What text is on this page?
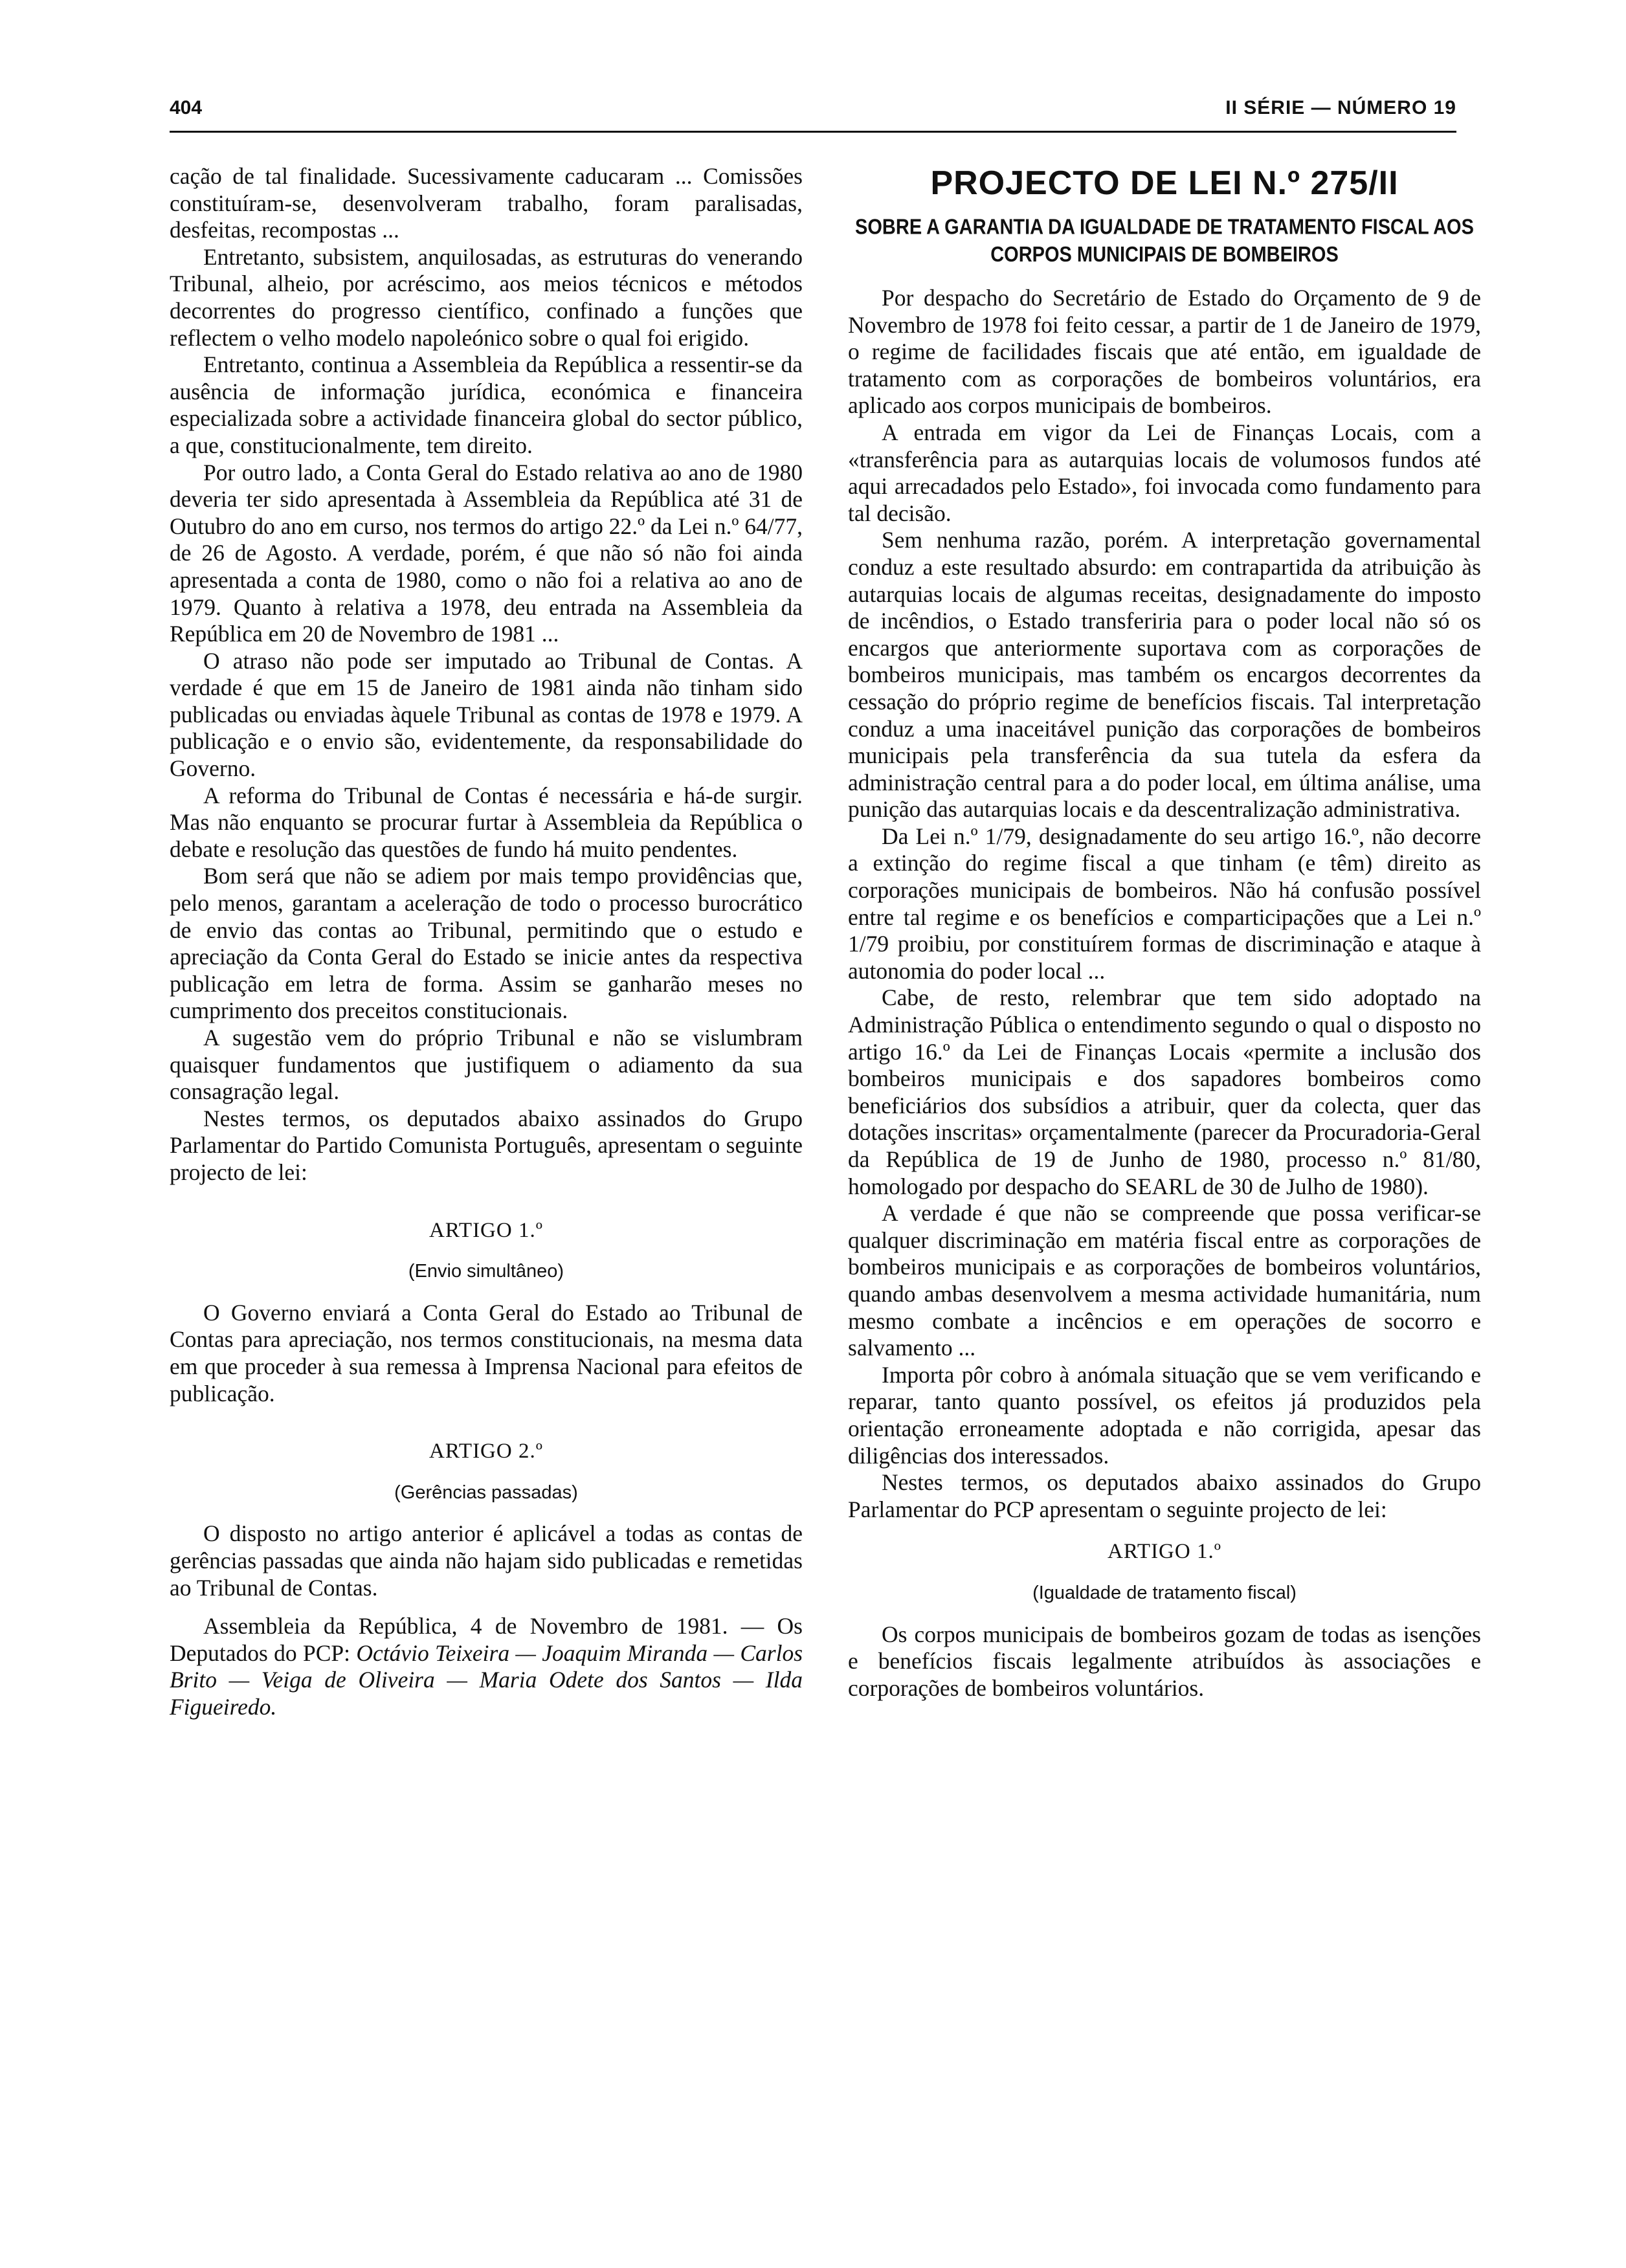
404	II SÉRIE — NÚMERO 19

cação de tal finalidade. Sucessivamente caducaram ... Comissões constituíram-se, desenvolveram trabalho, foram paralisadas, desfeitas, recompostas ...

Entretanto, subsistem, anquilosadas, as estruturas do venerando Tribunal, alheio, por acréscimo, aos meios técnicos e métodos decorrentes do progresso científico, confinado a funções que reflectem o velho modelo napoleónico sobre o qual foi erigido.

Entretanto, continua a Assembleia da República a ressentir-se da ausência de informação jurídica, económica e financeira especializada sobre a actividade financeira global do sector público, a que, constitucionalmente, tem direito.

Por outro lado, a Conta Geral do Estado relativa ao ano de 1980 deveria ter sido apresentada à Assembleia da República até 31 de Outubro do ano em curso, nos termos do artigo 22.º da Lei n.º 64/77, de 26 de Agosto. A verdade, porém, é que não só não foi ainda apresentada a conta de 1980, como o não foi a relativa ao ano de 1979. Quanto à relativa a 1978, deu entrada na Assembleia da República em 20 de Novembro de 1981 ...

O atraso não pode ser imputado ao Tribunal de Contas. A verdade é que em 15 de Janeiro de 1981 ainda não tinham sido publicadas ou enviadas àquele Tribunal as contas de 1978 e 1979. A publicação e o envio são, evidentemente, da responsabilidade do Governo.

A reforma do Tribunal de Contas é necessária e há-de surgir. Mas não enquanto se procurar furtar à Assembleia da República o debate e resolução das questões de fundo há muito pendentes.

Bom será que não se adiem por mais tempo providências que, pelo menos, garantam a aceleração de todo o processo burocrático de envio das contas ao Tribunal, permitindo que o estudo e apreciação da Conta Geral do Estado se inicie antes da respectiva publicação em letra de forma. Assim se ganharão meses no cumprimento dos preceitos constitucionais.

A sugestão vem do próprio Tribunal e não se vislumbram quaisquer fundamentos que justifiquem o adiamento da sua consagração legal.

Nestes termos, os deputados abaixo assinados do Grupo Parlamentar do Partido Comunista Português, apresentam o seguinte projecto de lei:

ARTIGO 1.º
(Envio simultâneo)

O Governo enviará a Conta Geral do Estado ao Tribunal de Contas para apreciação, nos termos constitucionais, na mesma data em que proceder à sua remessa à Imprensa Nacional para efeitos de publicação.

ARTIGO 2.º
(Gerências passadas)

O disposto no artigo anterior é aplicável a todas as contas de gerências passadas que ainda não hajam sido publicadas e remetidas ao Tribunal de Contas.

Assembleia da República, 4 de Novembro de 1981. — Os Deputados do PCP: Octávio Teixeira — Joaquim Miranda — Carlos Brito — Veiga de Oliveira — Maria Odete dos Santos — Ilda Figueiredo.

PROJECTO DE LEI N.º 275/II
SOBRE A GARANTIA DA IGUALDADE DE TRATAMENTO FISCAL AOS CORPOS MUNICIPAIS DE BOMBEIROS

Por despacho do Secretário de Estado do Orçamento de 9 de Novembro de 1978 foi feito cessar, a partir de 1 de Janeiro de 1979, o regime de facilidades fiscais que até então, em igualdade de tratamento com as corporações de bombeiros voluntários, era aplicado aos corpos municipais de bombeiros.

A entrada em vigor da Lei de Finanças Locais, com a «transferência para as autarquias locais de volumosos fundos até aqui arrecadados pelo Estado», foi invocada como fundamento para tal decisão.

Sem nenhuma razão, porém. A interpretação governamental conduz a este resultado absurdo: em contrapartida da atribuição às autarquias locais de algumas receitas, designadamente do imposto de incêndios, o Estado transferiria para o poder local não só os encargos que anteriormente suportava com as corporações de bombeiros municipais, mas também os encargos decorrentes da cessação do próprio regime de benefícios fiscais. Tal interpretação conduz a uma inaceitável punição das corporações de bombeiros municipais pela transferência da sua tutela da esfera da administração central para a do poder local, em última análise, uma punição das autarquias locais e da descentralização administrativa.

Da Lei n.º 1/79, designadamente do seu artigo 16.º, não decorre a extinção do regime fiscal a que tinham (e têm) direito as corporações municipais de bombeiros. Não há confusão possível entre tal regime e os benefícios e comparticipações que a Lei n.º 1/79 proibiu, por constituírem formas de discriminação e ataque à autonomia do poder local ...

Cabe, de resto, relembrar que tem sido adoptado na Administração Pública o entendimento segundo o qual o disposto no artigo 16.º da Lei de Finanças Locais «permite a inclusão dos bombeiros municipais e dos sapadores bombeiros como beneficiários dos subsídios a atribuir, quer da colecta, quer das dotações inscritas» orçamentalmente (parecer da Procuradoria-Geral da República de 19 de Junho de 1980, processo n.º 81/80, homologado por despacho do SEARL de 30 de Julho de 1980).

A verdade é que não se compreende que possa verificar-se qualquer discriminação em matéria fiscal entre as corporações de bombeiros municipais e as corporações de bombeiros voluntários, quando ambas desenvolvem a mesma actividade humanitária, num mesmo combate a incêncios e em operações de socorro e salvamento ...

Importa pôr cobro à anómala situação que se vem verificando e reparar, tanto quanto possível, os efeitos já produzidos pela orientação erroneamente adoptada e não corrigida, apesar das diligências dos interessados.

Nestes termos, os deputados abaixo assinados do Grupo Parlamentar do PCP apresentam o seguinte projecto de lei:

ARTIGO 1.º
(Igualdade de tratamento fiscal)

Os corpos municipais de bombeiros gozam de todas as isenções e benefícios fiscais legalmente atribuídos às associações e corporações de bombeiros voluntários.
